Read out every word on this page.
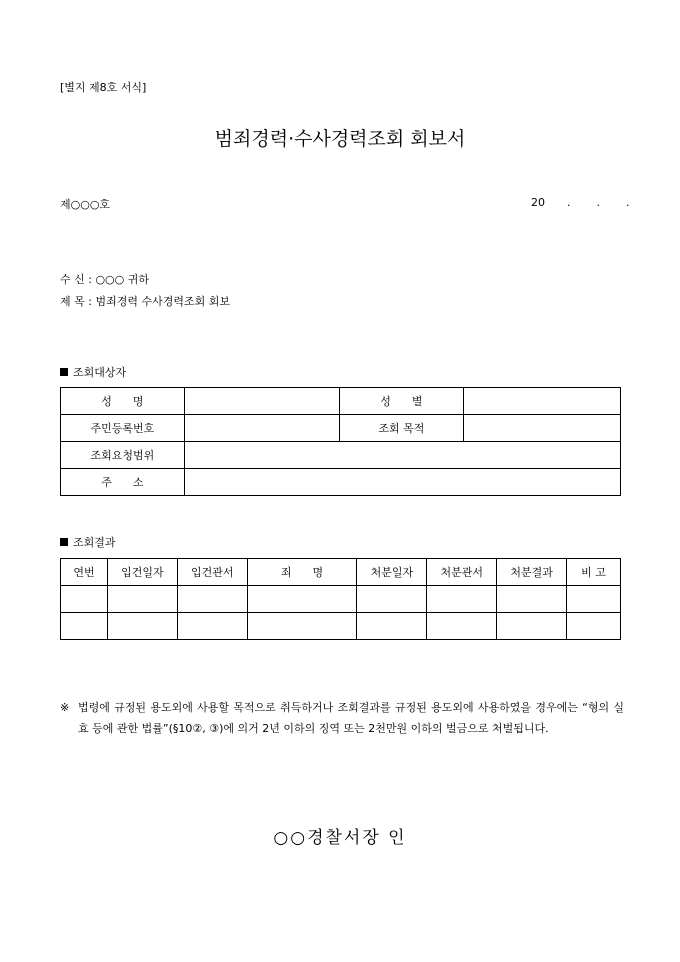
[별지 제8호 서식]
범죄경력·수사경력조회 회보서
제○○○호	20 . . .
수 신 : ○○○ 귀하
제 목 : 범죄경력 수사경력조회 회보
조회대상자
성      명		성      별	
주민등록번호		조회 목적	
조회요청범위			
주      소			
조회결과
연번	입건일자	입건관서	죄      명	처분일자	처분관서	처분결과	비 고

※ 법령에 규정된 용도외에 사용할 목적으로 취득하거나 조회결과를 규정된 용도외에 사용하였을 경우에는 “형의 실효 등에 관한 법률”(§10②, ③)에 의거 2년 이하의 징역 또는 2천만원 이하의 벌금으로 처벌됩니다.
○○경찰서장 인
